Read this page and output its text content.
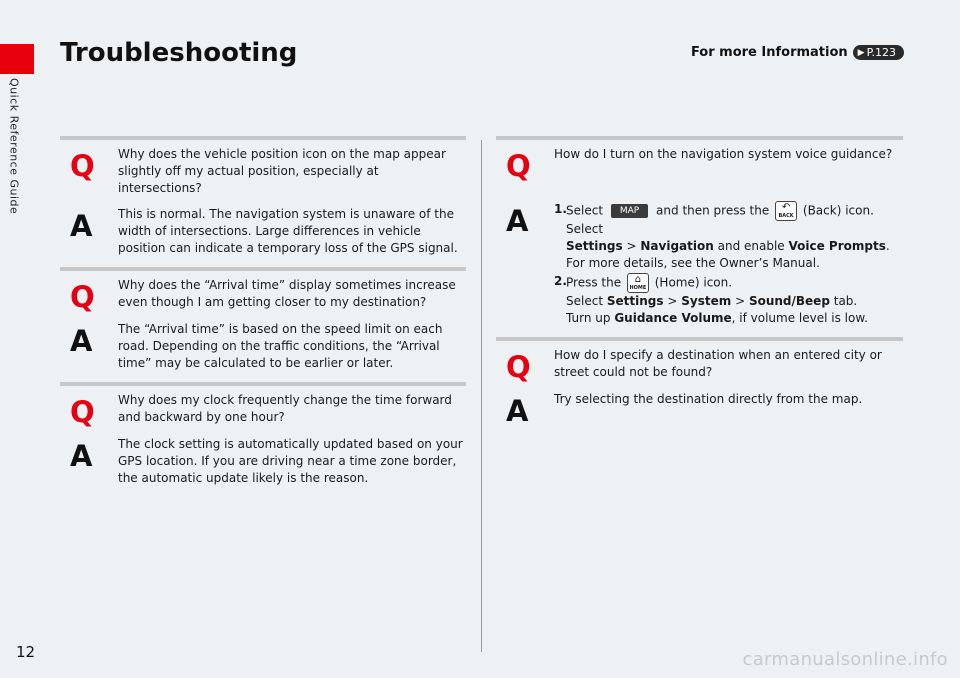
Quick Reference Guide
Troubleshooting	For more Information ▶ P.123
Q	Why does the vehicle position icon on the map appear slightly off my actual position, especially at intersections?
A	This is normal. The navigation system is unaware of the width of intersections. Large differences in vehicle position can indicate a temporary loss of the GPS signal.
Q	Why does the “Arrival time” display sometimes increase even though I am getting closer to my destination?
A	The “Arrival time” is based on the speed limit on each road. Depending on the traffic conditions, the “Arrival time” may be calculated to be earlier or later.
Q	Why does my clock frequently change the time forward and backward by one hour?
A	The clock setting is automatically updated based on your GPS location. If you are driving near a time zone border, the automatic update likely is the reason.
Q	How do I turn on the navigation system voice guidance?
A	1. Select MAP and then press the ↶
BACK (Back) icon. Select
Settings > Navigation and enable Voice Prompts.
For more details, see the Owner’s Manual.
2. Press the ⌂
HOME (Home) icon.
Select Settings > System > Sound/Beep tab.
Turn up Guidance Volume, if volume level is low.
Q	How do I specify a destination when an entered city or street could not be found?
A	Try selecting the destination directly from the map.
12	carmanualsonline.info
